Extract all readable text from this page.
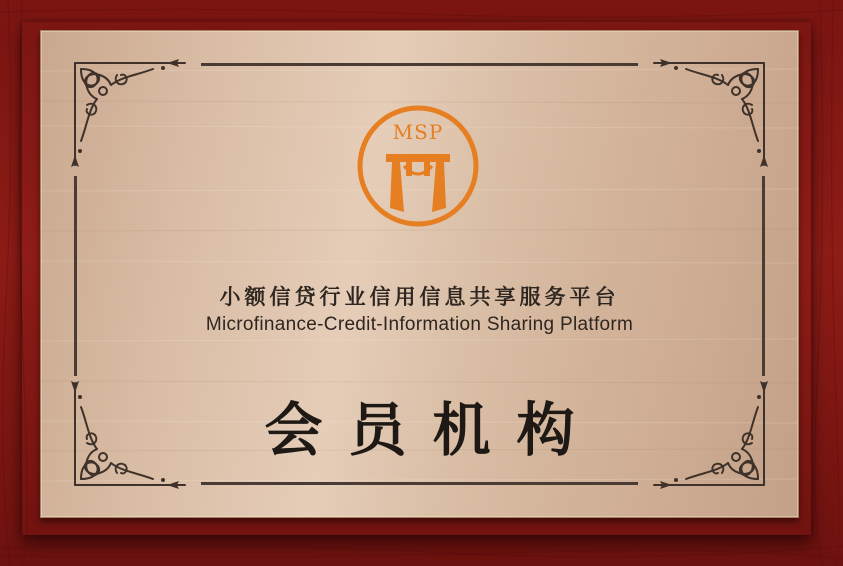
MSP
小额信贷行业信用信息共享服务平台
Microfinance-Credit-Information Sharing Platform
会员机构
